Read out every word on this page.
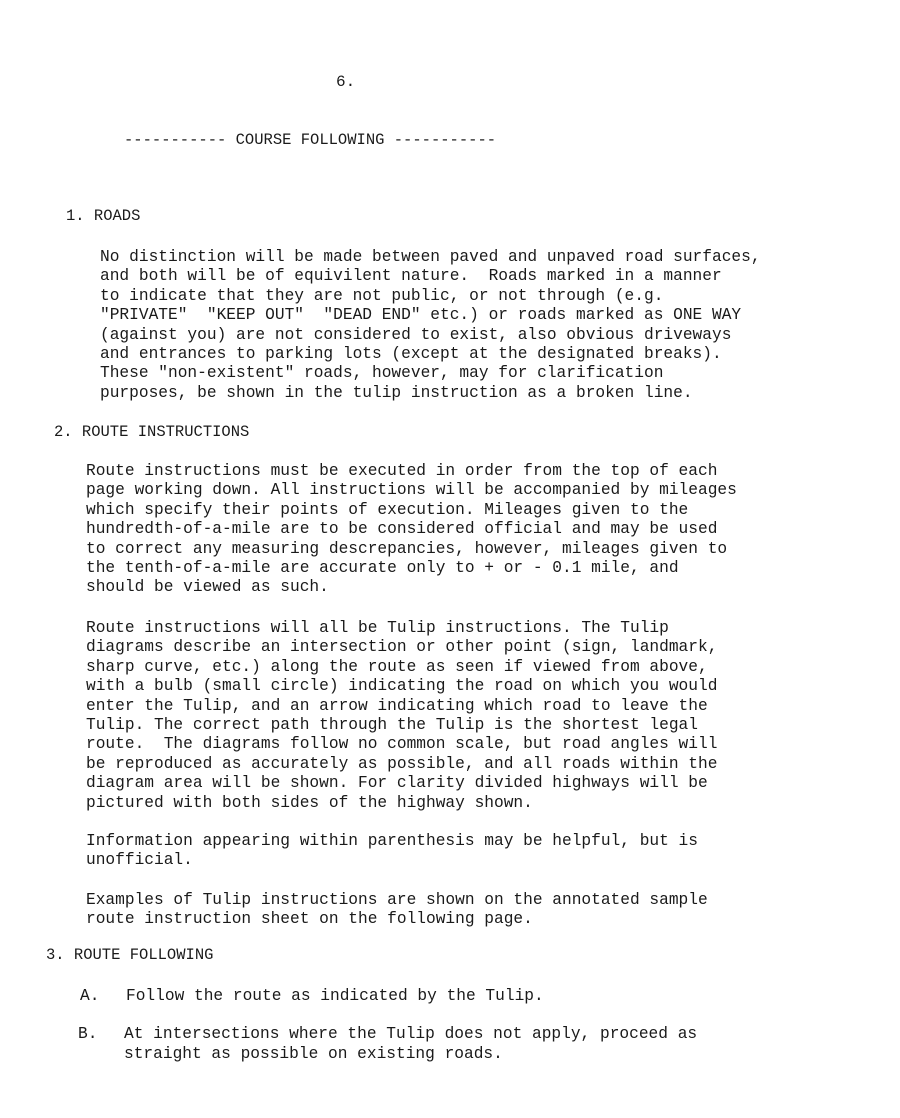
6.
----------- COURSE FOLLOWING -----------
1. ROADS
No distinction will be made between paved and unpaved road surfaces,
and both will be of equivilent nature.  Roads marked in a manner
to indicate that they are not public, or not through (e.g.
"PRIVATE"  "KEEP OUT"  "DEAD END" etc.) or roads marked as ONE WAY
(against you) are not considered to exist, also obvious driveways
and entrances to parking lots (except at the designated breaks).
These "non-existent" roads, however, may for clarification
purposes, be shown in the tulip instruction as a broken line.
2. ROUTE INSTRUCTIONS
Route instructions must be executed in order from the top of each
page working down. All instructions will be accompanied by mileages
which specify their points of execution. Mileages given to the
hundredth-of-a-mile are to be considered official and may be used
to correct any measuring descrepancies, however, mileages given to
the tenth-of-a-mile are accurate only to + or - 0.1 mile, and
should be viewed as such.
Route instructions will all be Tulip instructions. The Tulip
diagrams describe an intersection or other point (sign, landmark,
sharp curve, etc.) along the route as seen if viewed from above,
with a bulb (small circle) indicating the road on which you would
enter the Tulip, and an arrow indicating which road to leave the
Tulip. The correct path through the Tulip is the shortest legal
route.  The diagrams follow no common scale, but road angles will
be reproduced as accurately as possible, and all roads within the
diagram area will be shown. For clarity divided highways will be
pictured with both sides of the highway shown.
Information appearing within parenthesis may be helpful, but is
unofficial.
Examples of Tulip instructions are shown on the annotated sample
route instruction sheet on the following page.
3. ROUTE FOLLOWING

A.

Follow the route as indicated by the Tulip.

B.

At intersections where the Tulip does not apply, proceed as
straight as possible on existing roads.
